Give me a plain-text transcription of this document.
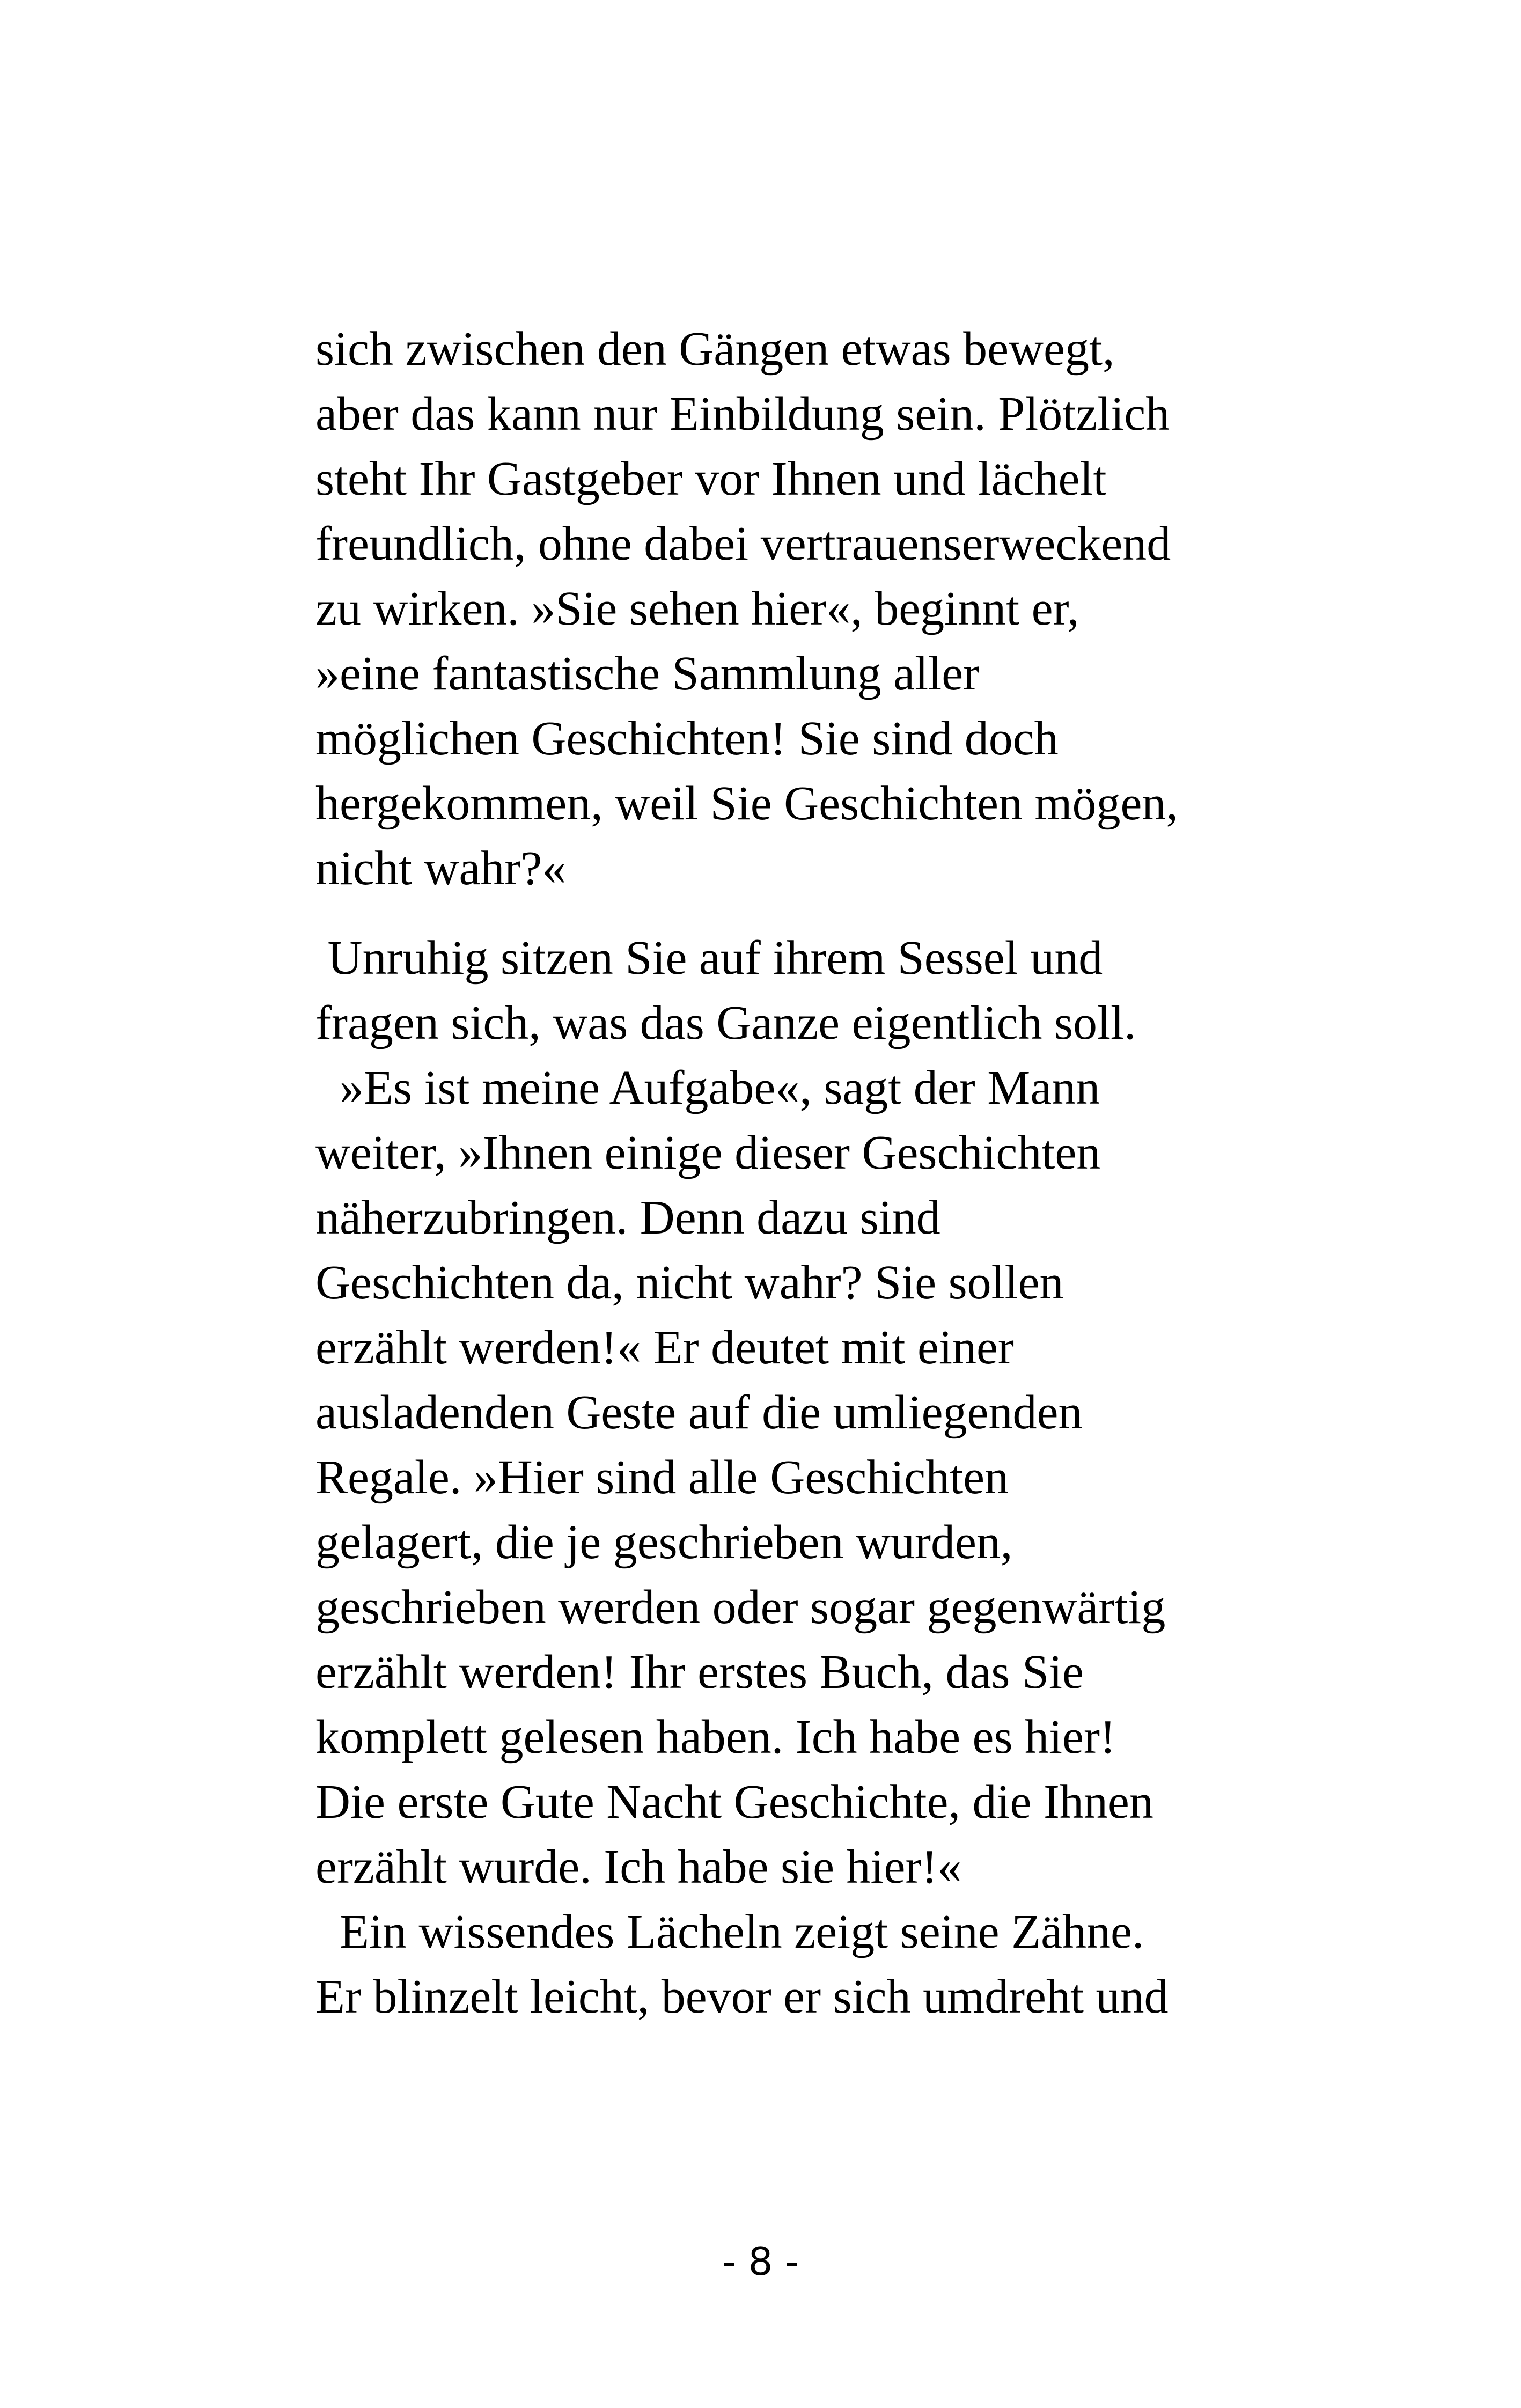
sich zwischen den Gängen etwas bewegt,
aber das kann nur Einbildung sein. Plötzlich
steht Ihr Gastgeber vor Ihnen und lächelt
freundlich, ohne dabei vertrauenserweckend
zu wirken. »Sie sehen hier«, beginnt er,
»eine fantastische Sammlung aller
möglichen Geschichten! Sie sind doch
hergekommen, weil Sie Geschichten mögen,
nicht wahr?«
Unruhig sitzen Sie auf ihrem Sessel und
fragen sich, was das Ganze eigentlich soll.
»Es ist meine Aufgabe«, sagt der Mann
weiter, »Ihnen einige dieser Geschichten
näherzubringen. Denn dazu sind
Geschichten da, nicht wahr? Sie sollen
erzählt werden!« Er deutet mit einer
ausladenden Geste auf die umliegenden
Regale. »Hier sind alle Geschichten
gelagert, die je geschrieben wurden,
geschrieben werden oder sogar gegenwärtig
erzählt werden! Ihr erstes Buch, das Sie
komplett gelesen haben. Ich habe es hier!
Die erste Gute Nacht Geschichte, die Ihnen
erzählt wurde. Ich habe sie hier!«
Ein wissendes Lächeln zeigt seine Zähne.
Er blinzelt leicht, bevor er sich umdreht und
- 8 -
